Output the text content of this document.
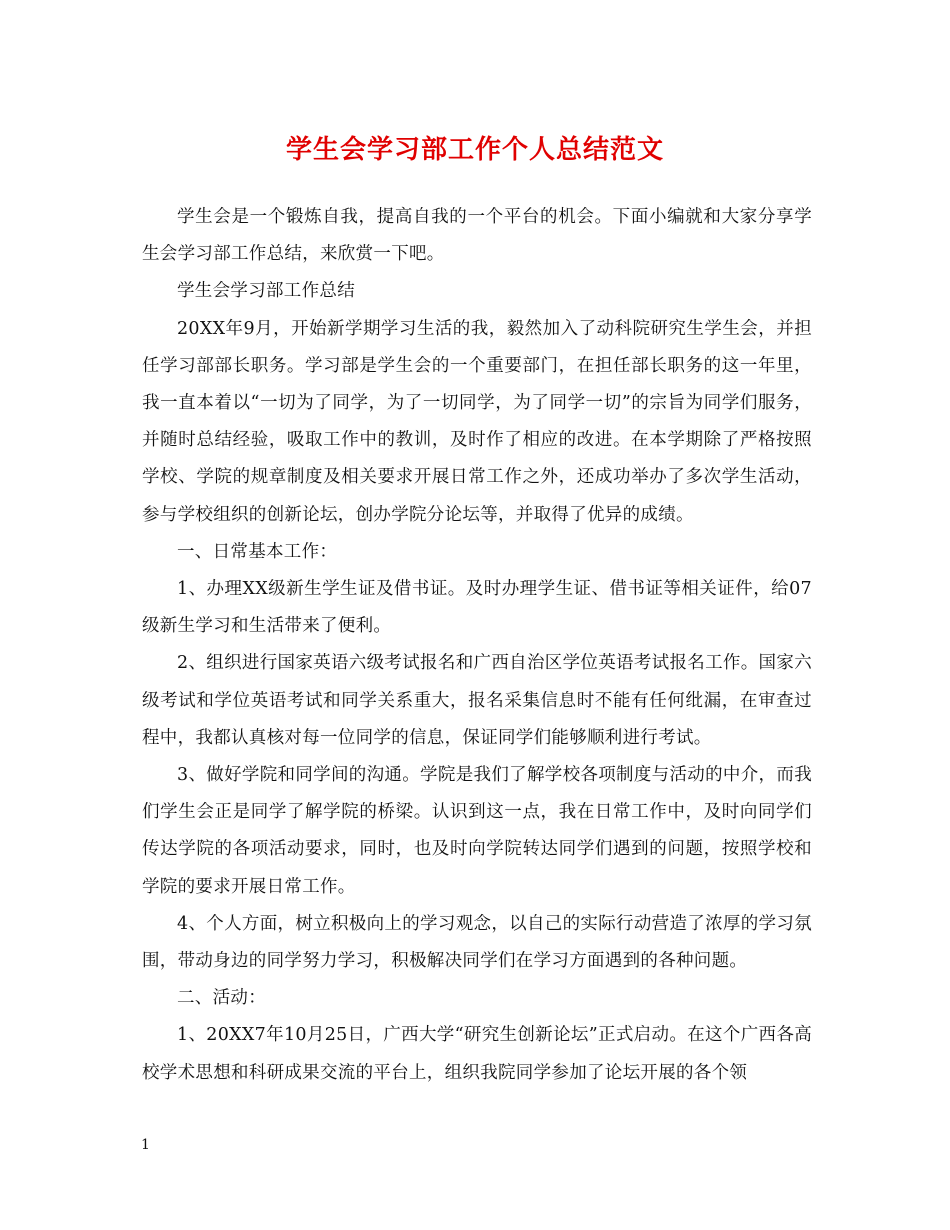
学生会学习部工作个人总结范文

学生会是一个锻炼自我，提高自我的一个平台的机会。下面小编就和大家分享学生会学习部工作总结，来欣赏一下吧。

学生会学习部工作总结

20XX年9月，开始新学期学习生活的我，毅然加入了动科院研究生学生会，并担任学习部部长职务。学习部是学生会的一个重要部门，在担任部长职务的这一年里，我一直本着以“一切为了同学，为了一切同学，为了同学一切”的宗旨为同学们服务，并随时总结经验，吸取工作中的教训，及时作了相应的改进。在本学期除了严格按照学校、学院的规章制度及相关要求开展日常工作之外，还成功举办了多次学生活动，参与学校组织的创新论坛，创办学院分论坛等，并取得了优异的成绩。

一、日常基本工作：

1、办理XX级新生学生证及借书证。及时办理学生证、借书证等相关证件，给07级新生学习和生活带来了便利。

2、组织进行国家英语六级考试报名和广西自治区学位英语考试报名工作。国家六级考试和学位英语考试和同学关系重大，报名采集信息时不能有任何纰漏，在审查过程中，我都认真核对每一位同学的信息，保证同学们能够顺利进行考试。

3、做好学院和同学间的沟通。学院是我们了解学校各项制度与活动的中介，而我们学生会正是同学了解学院的桥梁。认识到这一点，我在日常工作中，及时向同学们传达学院的各项活动要求，同时，也及时向学院转达同学们遇到的问题，按照学校和学院的要求开展日常工作。

4、个人方面，树立积极向上的学习观念，以自己的实际行动营造了浓厚的学习氛围，带动身边的同学努力学习，积极解决同学们在学习方面遇到的各种问题。

二、活动：

1、20XX7年10月25日，广西大学“研究生创新论坛”正式启动。在这个广西各高校学术思想和科研成果交流的平台上，组织我院同学参加了论坛开展的各个领

1
